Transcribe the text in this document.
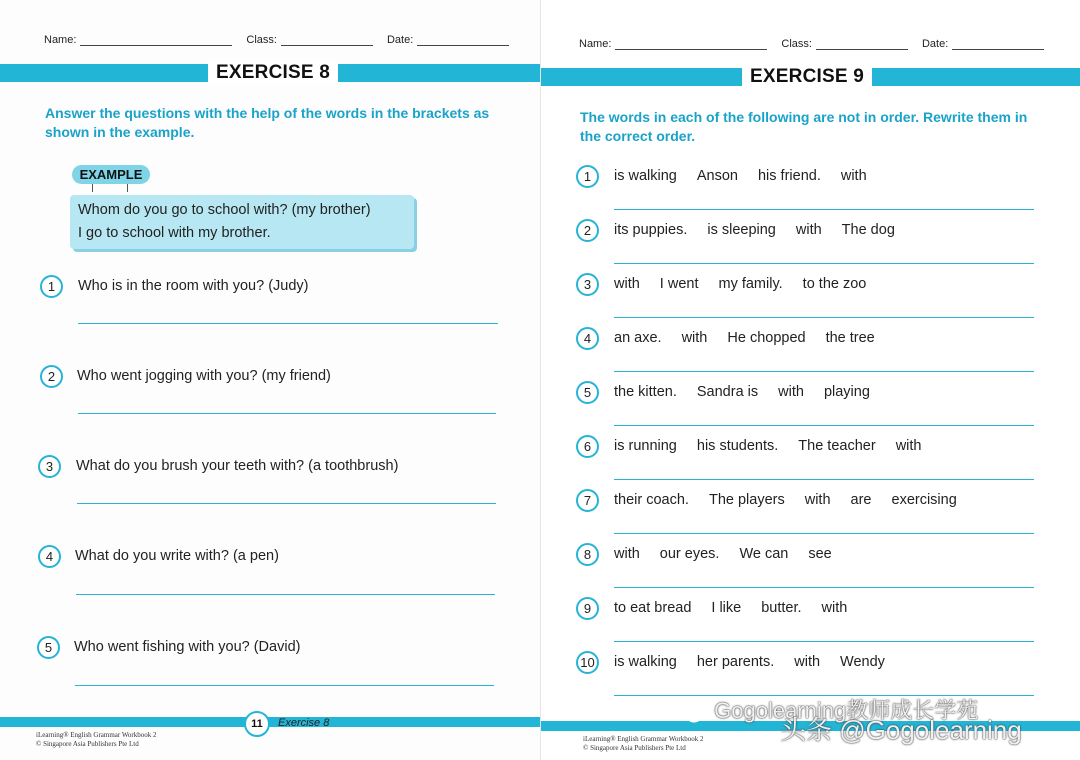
Name:	Class:	Date:
EXERCISE 8
Answer the questions with the help of the words in the brackets as shown in the example.
EXAMPLE
Whom do you go to school with? (my brother)
I go to school with my brother.
1	Who is in the room with you? (Judy)
2	Who went jogging with you? (my friend)
3	What do you brush your teeth with? (a toothbrush)
4	What do you write with? (a pen)
5	Who went fishing with you? (David)
11	Exercise 8
iLearning® English Grammar Workbook 2
© Singapore Asia Publishers Pte Ltd
Name:	Class:	Date:
EXERCISE 9
The words in each of the following are not in order. Rewrite them in the correct order.
1	is walking Anson his friend. with
2	its puppies. is sleeping with The dog
3	with I went my family. to the zoo
4	an axe. with He chopped the tree
5	the kitten. Sandra is with playing
6	is running his students. The teacher with
7	their coach. The players with are exercising
8	with our eyes. We can see
9	to eat bread I like butter. with
10 is walking her parents. with Wendy
iLearning® English Grammar Workbook 2
© Singapore Asia Publishers Pte Ltd
Gogolearning教师成长学苑
头条 @Gogolearning
